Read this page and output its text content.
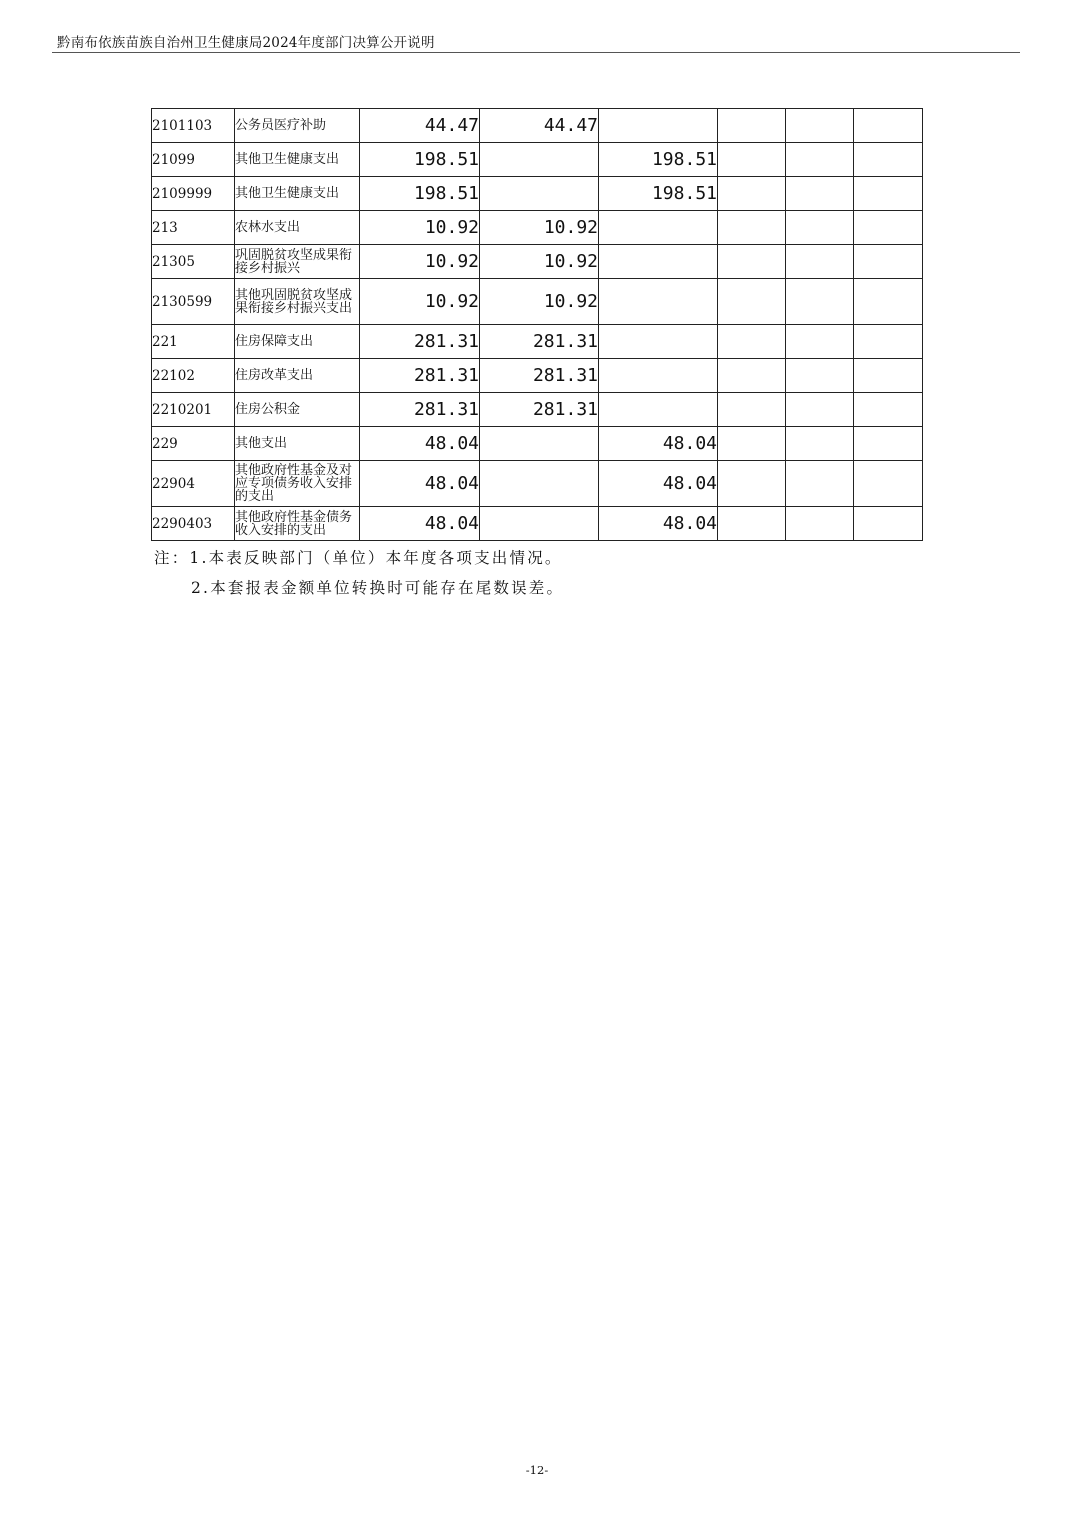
黔南布依族苗族自治州卫生健康局2024年度部门决算公开说明
2101103	公务员医疗补助	44.47	44.47				
21099	其他卫生健康支出	198.51		198.51			
2109999	其他卫生健康支出	198.51		198.51			
213	农林水支出	10.92	10.92				
21305	巩固脱贫攻坚成果衔接乡村振兴	10.92	10.92				
2130599	其他巩固脱贫攻坚成果衔接乡村振兴支出	10.92	10.92				
221	住房保障支出	281.31	281.31				
22102	住房改革支出	281.31	281.31				
2210201	住房公积金	281.31	281.31				
229	其他支出	48.04		48.04			
22904	其他政府性基金及对应专项债务收入安排的支出	48.04		48.04			
2290403	其他政府性基金债务收入安排的支出	48.04		48.04			
注：1.本表反映部门（单位）本年度各项支出情况。
2.本套报表金额单位转换时可能存在尾数误差。
-12-
